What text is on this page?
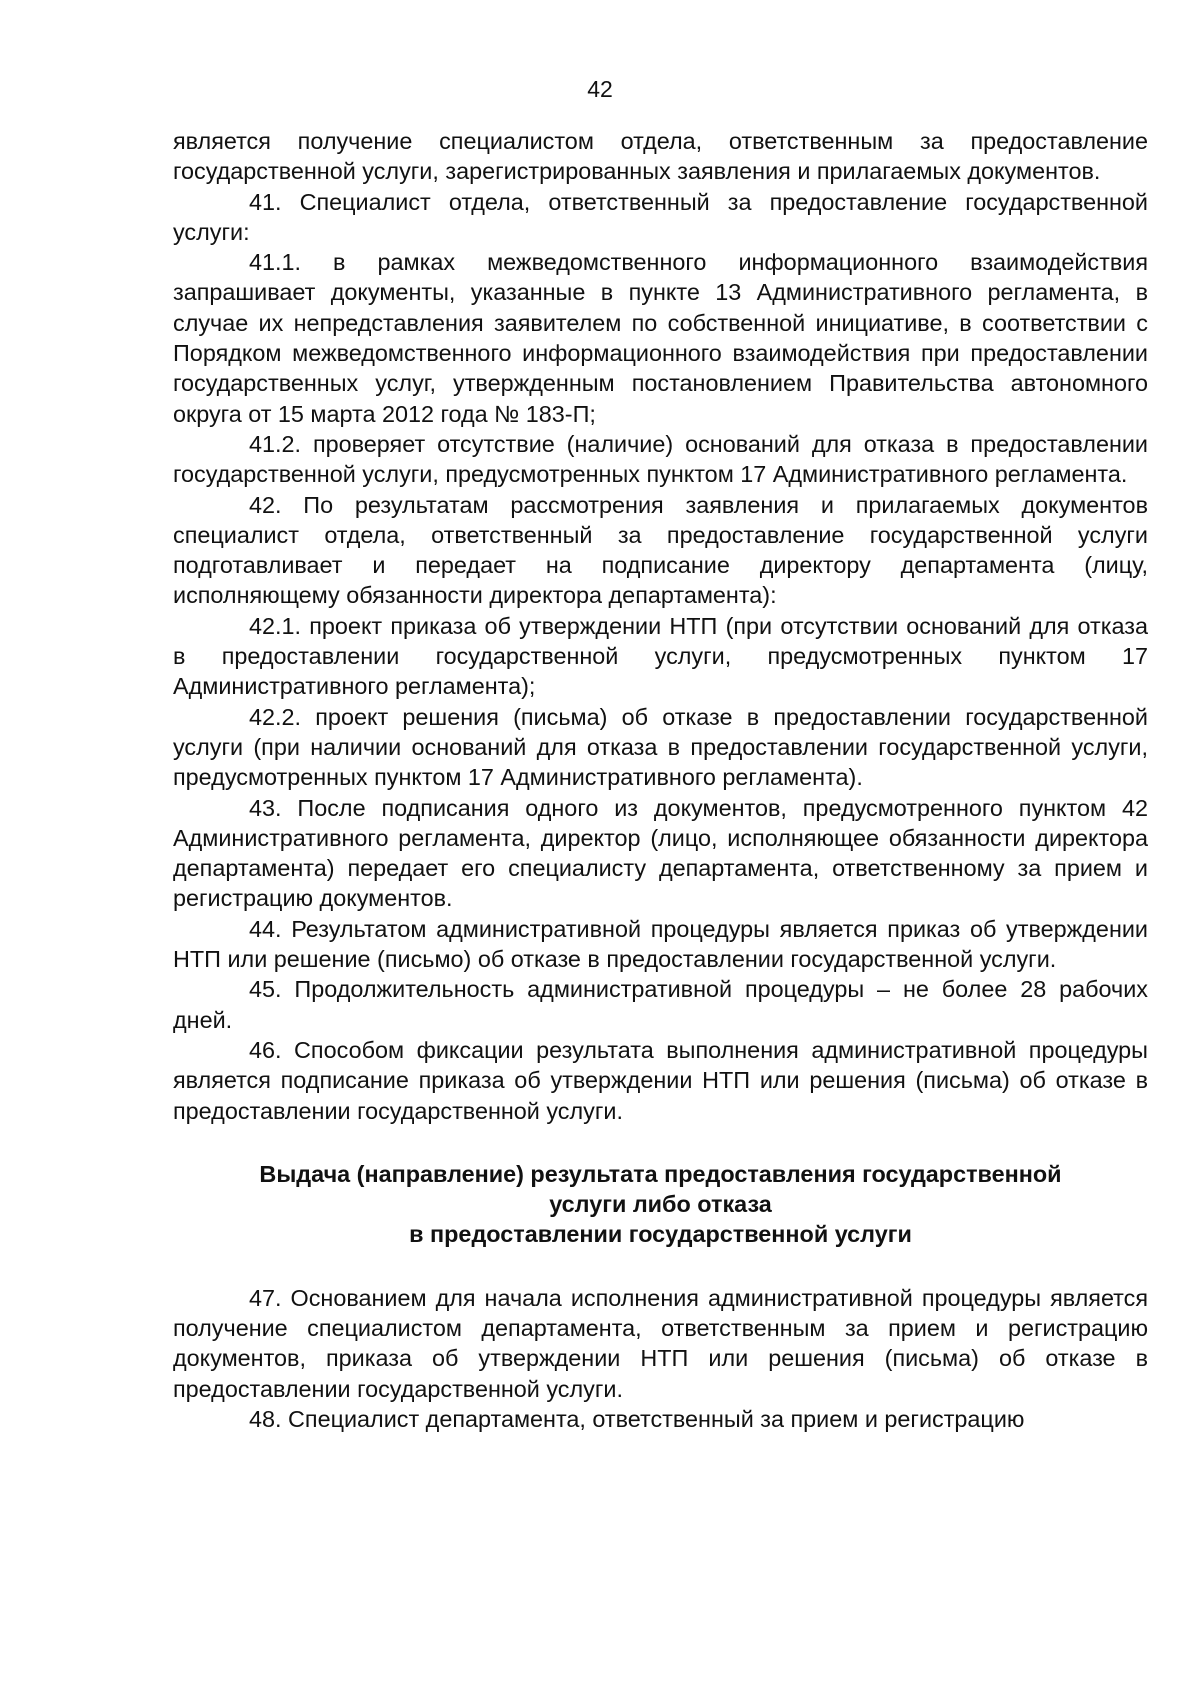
42

является получение специалистом отдела, ответственным за предоставление государственной услуги, зарегистрированных заявления и прилагаемых документов.

41. Специалист отдела, ответственный за предоставление государственной услуги:

41.1. в рамках межведомственного информационного взаимодействия запрашивает документы, указанные в пункте 13 Административного регламента, в случае их непредставления заявителем по собственной инициативе, в соответствии с Порядком межведомственного информационного взаимодействия при предоставлении государственных услуг, утвержденным постановлением Правительства автономного округа от 15 марта 2012 года № 183-П;

41.2. проверяет отсутствие (наличие) оснований для отказа в предоставлении государственной услуги, предусмотренных пунктом 17 Административного регламента.

42. По результатам рассмотрения заявления и прилагаемых документов специалист отдела, ответственный за предоставление государственной услуги подготавливает и передает на подписание директору департамента (лицу, исполняющему обязанности директора департамента):

42.1. проект приказа об утверждении НТП (при отсутствии оснований для отказа в предоставлении государственной услуги, предусмотренных пунктом 17 Административного регламента);

42.2. проект решения (письма) об отказе в предоставлении государственной услуги (при наличии оснований для отказа в предоставлении государственной услуги, предусмотренных пунктом 17 Административного регламента).

43. После подписания одного из документов, предусмотренного пунктом 42 Административного регламента, директор (лицо, исполняющее обязанности директора департамента) передает его специалисту департамента, ответственному за прием и регистрацию документов.

44. Результатом административной процедуры является приказ об утверждении НТП или решение (письмо) об отказе в предоставлении государственной услуги.

45. Продолжительность административной процедуры – не более 28 рабочих дней.

46. Способом фиксации результата выполнения административной процедуры является подписание приказа об утверждении НТП или решения (письма) об отказе в предоставлении государственной услуги.

Выдача (направление) результата предоставления государственной
услуги либо отказа
в предоставлении государственной услуги

47. Основанием для начала исполнения административной процедуры является получение специалистом департамента, ответственным за прием и регистрацию документов, приказа об утверждении НТП или решения (письма) об отказе в предоставлении государственной услуги.

48. Специалист департамента, ответственный за прием и регистрацию
